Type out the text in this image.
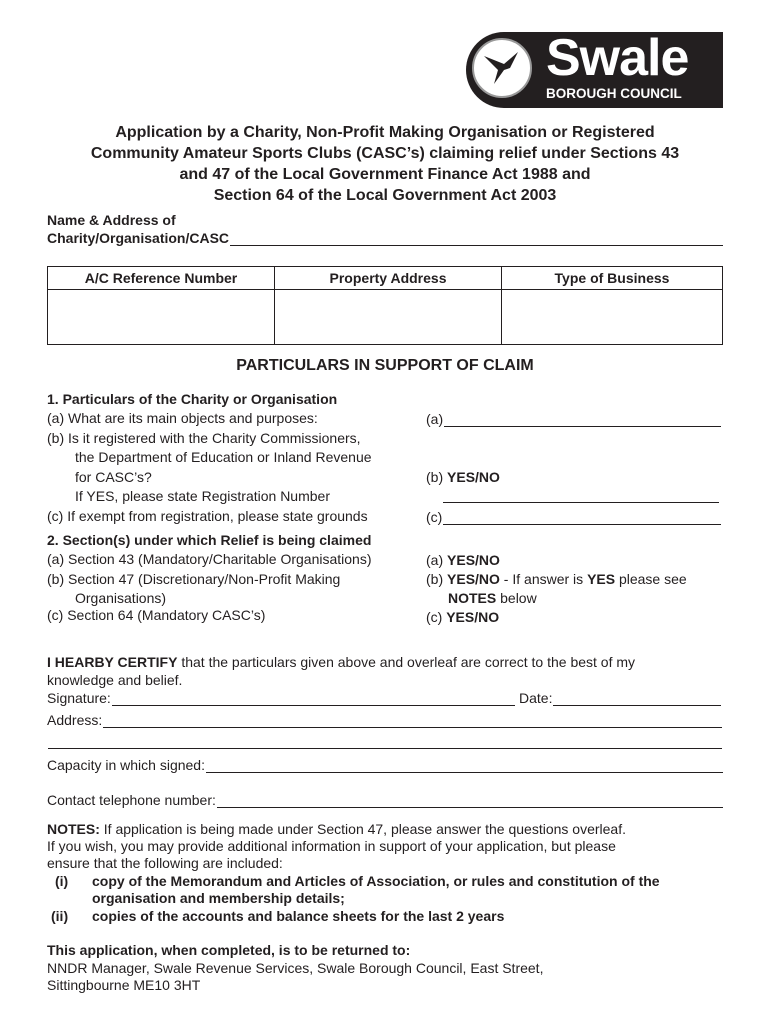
Swale
BOROUGH COUNCIL
Application by a Charity, Non-Profit Making Organisation or Registered
Community Amateur Sports Clubs (CASC’s) claiming relief under Sections 43
and 47 of the Local Government Finance Act 1988 and
Section 64 of the Local Government Act 2003
Name & Address of
Charity/Organisation/CASC
A/C Reference Number	Property Address	Type of Business

PARTICULARS IN SUPPORT OF CLAIM
1. Particulars of the Charity or Organisation
(a) What are its main objects and purposes:
(b) Is it registered with the Charity Commissioners,
the Department of Education or Inland Revenue
for CASC’s?
If YES, please state Registration Number
(c) If exempt from registration, please state grounds
(a)
(b) YES/NO
(c)
2. Section(s) under which Relief is being claimed
(a) Section 43 (Mandatory/Charitable Organisations)
(b) Section 47 (Discretionary/Non-Profit Making
Organisations)
(c) Section 64 (Mandatory CASC’s)
(a) YES/NO
(b) YES/NO - If answer is YES please see
NOTES below
(c) YES/NO
I HEARBY CERTIFY that the particulars given above and overleaf are correct to the best of my
knowledge and belief.
Signature:	Date:
Address:
Capacity in which signed:
Contact telephone number:
NOTES: If application is being made under Section 47, please answer the questions overleaf.
If you wish, you may provide additional information in support of your application, but please
ensure that the following are included:
(i) copy of the Memorandum and Articles of Association, or rules and constitution of the
organisation and membership details;
(ii) copies of the accounts and balance sheets for the last 2 years
This application, when completed, is to be returned to:
NNDR Manager, Swale Revenue Services, Swale Borough Council, East Street,
Sittingbourne ME10 3HT
